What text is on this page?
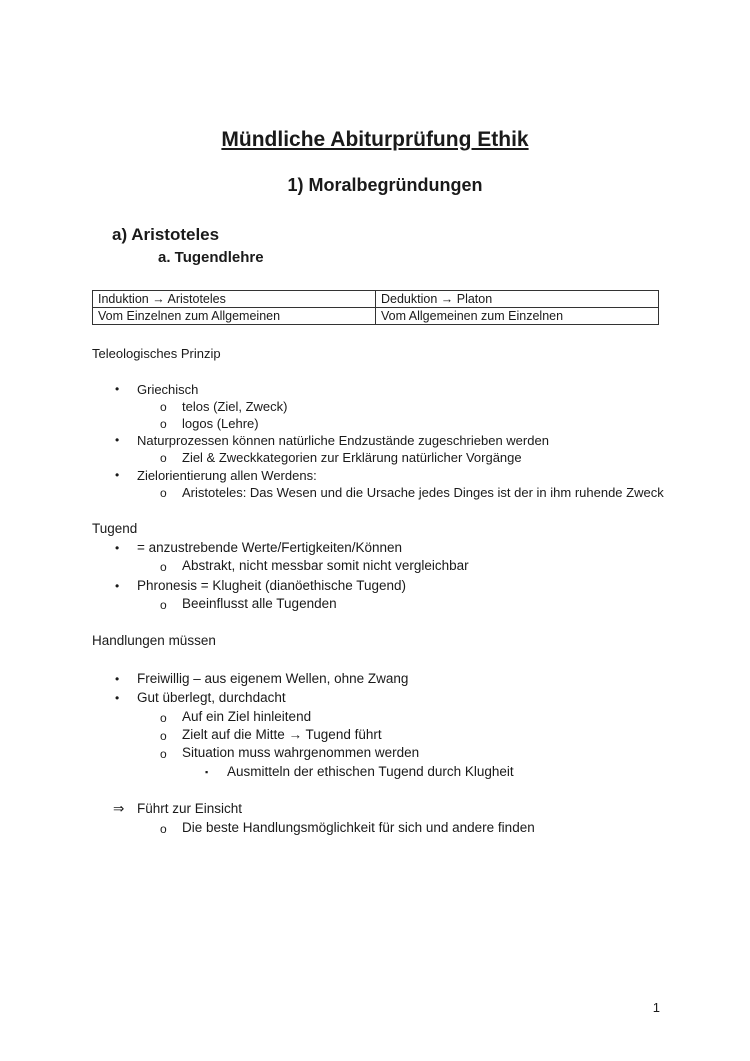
Mündliche Abiturprüfung Ethik
1) Moralbegründungen
a) Aristoteles
a. Tugendlehre
Induktion → Aristoteles	Deduktion → Platon
Vom Einzelnen zum Allgemeinen	Vom Allgemeinen zum Einzelnen
Teleologisches Prinzip
• Griechisch
o telos (Ziel, Zweck)
o logos (Lehre)
• Naturprozessen können natürliche Endzustände zugeschrieben werden
o Ziel & Zweckkategorien zur Erklärung natürlicher Vorgänge
• Zielorientierung allen Werdens:
o Aristoteles: Das Wesen und die Ursache jedes Dinges ist der in ihm ruhende Zweck
Tugend
• = anzustrebende Werte/Fertigkeiten/Können
o Abstrakt, nicht messbar somit nicht vergleichbar
• Phronesis = Klugheit (dianöethische Tugend)
o Beeinflusst alle Tugenden
Handlungen müssen
• Freiwillig – aus eigenem Wellen, ohne Zwang
• Gut überlegt, durchdacht
o Auf ein Ziel hinleitend
o Zielt auf die Mitte → Tugend führt
o Situation muss wahrgenommen werden
▪ Ausmitteln der ethischen Tugend durch Klugheit
⇒ Führt zur Einsicht
o Die beste Handlungsmöglichkeit für sich und andere finden
1
